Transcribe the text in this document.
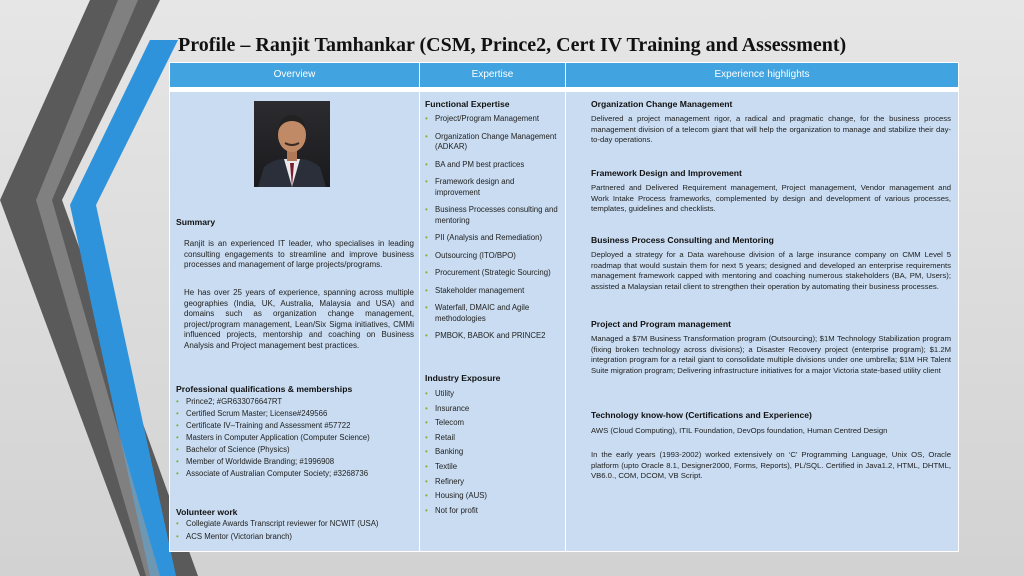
Profile – Ranjit Tamhankar (CSM, Prince2, Cert IV Training and Assessment)
Overview	Expertise	Experience highlights
Summary

Ranjit is an experienced IT leader, who specialises in leading consulting engagements to streamline and improve business processes and management of large projects/programs.

He has over 25 years of experience, spanning across multiple geographies (India, UK, Australia, Malaysia and USA) and domains such as organization change management, project/program management, Lean/Six Sigma initiatives, CMMi influenced projects, mentorship and coaching on Business Analysis and Project management best practices.

Professional qualifications & memberships
• Prince2; #GR633076647RT
• Certified Scrum Master; License#249566
• Certificate IV–Training and Assessment #57722
• Masters in Computer Application (Computer Science)
• Bachelor of Science (Physics)
• Member of Worldwide Branding; #1996908
• Associate of Australian Computer Society; #3268736
Volunteer work
• Collegiate Awards Transcript reviewer for NCWIT (USA)
• ACS Mentor (Victorian branch)
Functional Expertise
• Project/Program Management
• Organization Change Management (ADKAR)
• BA and PM best practices
• Framework design and improvement
• Business Processes consulting and mentoring
• PII (Analysis and Remediation)
• Outsourcing (ITO/BPO)
• Procurement (Strategic Sourcing)
• Stakeholder management
• Waterfall, DMAIC and Agile methodologies
• PMBOK, BABOK and PRINCE2
Industry Exposure
• Utility
• Insurance
• Telecom
• Retail
• Banking
• Textile
• Refinery
• Housing (AUS)
• Not for profit
Organization Change Management

Delivered a project management rigor, a radical and pragmatic change, for the business process management division of a telecom giant that will help the organization to manage and stabilize their day-to-day operations.

Framework Design and Improvement

Partnered and Delivered Requirement management, Project management, Vendor management and Work Intake Process frameworks, complemented by design and development of various processes, templates, guidelines and checklists.

Business Process Consulting and Mentoring

Deployed a strategy for a Data warehouse division of a large insurance company on CMM Level 5 roadmap that would sustain them for next 5 years; designed and developed an enterprise requirements management framework capped with mentoring and coaching numerous stakeholders (BA, PM, Users); assisted a Malaysian retail client to strengthen their operation by automating their business processes.

Project and Program management

Managed a $7M Business Transformation program (Outsourcing); $1M Technology Stabilization program (fixing broken technology across divisions); a Disaster Recovery project (enterprise program); $1.2M integration program for a retail giant to consolidate multiple divisions under one umbrella; $1M HR Talent Suite migration program; Delivering infrastructure initiatives for a major Victoria state-based utility client

Technology know-how (Certifications and Experience)

AWS (Cloud Computing), ITIL Foundation, DevOps foundation, Human Centred Design

In the early years (1993-2002) worked extensively on ‘C’ Programming Language, Unix OS, Oracle platform (upto Oracle 8.1, Designer2000, Forms, Reports), PL/SQL. Certified in Java1.2, HTML, DHTML, VB6.0., COM, DCOM, VB Script.
